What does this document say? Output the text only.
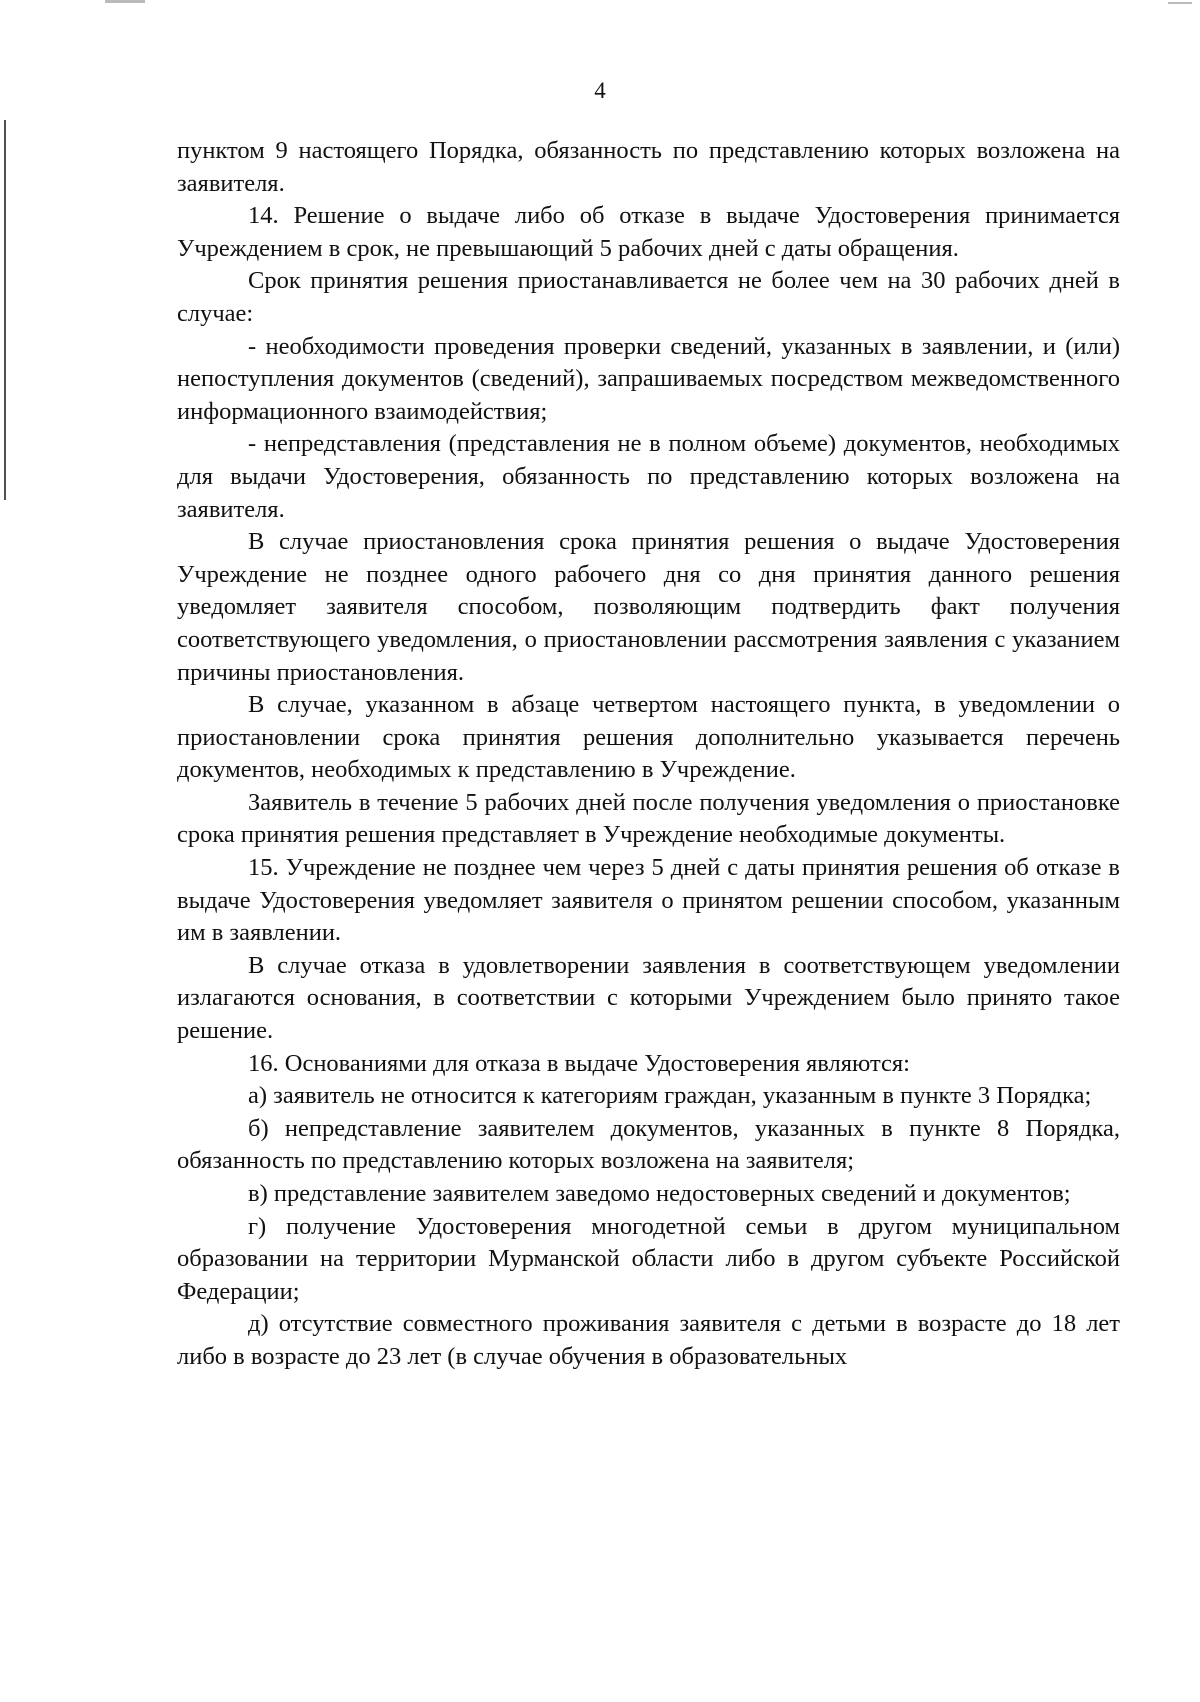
4

пунктом 9 настоящего Порядка, обязанность по представлению которых возложена на заявителя.

14. Решение о выдаче либо об отказе в выдаче Удостоверения принимается Учреждением в срок, не превышающий 5 рабочих дней с даты обращения.

Срок принятия решения приостанавливается не более чем на 30 рабочих дней в случае:

- необходимости проведения проверки сведений, указанных в заявлении, и (или) непоступления документов (сведений), запрашиваемых посредством межведомственного информационного взаимодействия;

- непредставления (представления не в полном объеме) документов, необходимых для выдачи Удостоверения, обязанность по представлению которых возложена на заявителя.

В случае приостановления срока принятия решения о выдаче Удостоверения Учреждение не позднее одного рабочего дня со дня принятия данного решения уведомляет заявителя способом, позволяющим подтвердить факт получения соответствующего уведомления, о приостановлении рассмотрения заявления с указанием причины приостановления.

В случае, указанном в абзаце четвертом настоящего пункта, в уведомлении о приостановлении срока принятия решения дополнительно указывается перечень документов, необходимых к представлению в Учреждение.

Заявитель в течение 5 рабочих дней после получения уведомления о приостановке срока принятия решения представляет в Учреждение необходимые документы.

15. Учреждение не позднее чем через 5 дней с даты принятия решения об отказе в выдаче Удостоверения уведомляет заявителя о принятом решении способом, указанным им в заявлении.

В случае отказа в удовлетворении заявления в соответствующем уведомлении излагаются основания, в соответствии с которыми Учреждением было принято такое решение.

16. Основаниями для отказа в выдаче Удостоверения являются:

а) заявитель не относится к категориям граждан, указанным в пункте 3 Порядка;

б) непредставление заявителем документов, указанных в пункте 8 Порядка, обязанность по представлению которых возложена на заявителя;

в) представление заявителем заведомо недостоверных сведений и документов;

г) получение Удостоверения многодетной семьи в другом муниципальном образовании на территории Мурманской области либо в другом субъекте Российской Федерации;

д) отсутствие совместного проживания заявителя с детьми в возрасте до 18 лет либо в возрасте до 23 лет (в случае обучения в образовательных
